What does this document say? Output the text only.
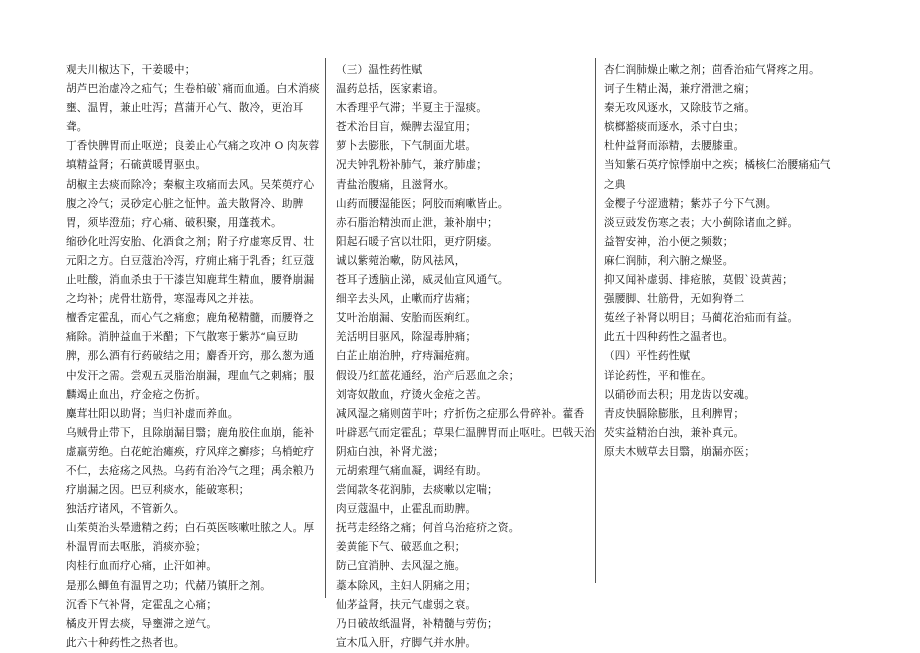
观夫川椒达下，干姜暖中；
胡芦巴治虚冷之疝气；生卷柏破`痛而血通。白术消痰
壅、温胃，兼止吐泻；菖蒲开心气、散冷，更治耳
聋。
丁香快脾胃而止呕逆；良姜止心气痛之攻冲 O 肉灰蓉
填精益肾；石硫黄暖胃驱虫。
胡椒主去痰而除冷；秦椒主攻痛而去风。吴茱萸疗心
腹之冷气；灵砂定心脏之怔忡。盖夫散肾冷、助脾
胃，须毕澄茄；疗心痛、破积聚，用蓬莪术。
缩砂化吐泻安胎、化酒食之剂；附子疗虚寒反胃、壮
元阳之方。白豆蔻治冷泻，疗痈止痛于乳香；红豆蔻
止吐酸，消血杀虫于干漆岂知鹿茸生精血，腰脊崩漏
之均补；虎骨壮筋骨，寒湿毒风之并祛。
檀香定霍乱，而心气之痛愈；鹿角秘精髓，而腰脊之
痛除。消肿益血于米醋；下气散寒于紫苏“扁豆助
脾，那么酒有行药破结之用；麝香开窍，那么葱为通
中发汗之需。尝观五灵脂治崩漏，理血气之刺痛；服
麟竭止血出，疗金疮之伤折。
麋茸壮阳以助肾；当归补虚而养血。
乌贼骨止带下，且除崩漏目翳；鹿角胶住血崩，能补
虚羸劳绝。白花蛇治瘫痪，疗风痒之癣疹；乌梢蛇疗
不仁，去疮疡之风热。乌药有治冷气之理；禹余粮乃
疗崩漏之因。巴豆利痰水，能破寒积；
独活疗诸风，不管新久。
山茱萸治头晕遗精之药；白石英医咳嗽吐脓之人。厚
朴温胃而去呕胀，消痰亦验；
肉桂行血而疗心痛，止汗如神。
是那么鲫鱼有温胃之功；代赭乃镇肝之剂。
沉香下气补肾，定霍乱之心痛；
橘皮开胃去痰，导壅滞之逆气。
此六十种药性之热者也。
（三）温性药性赋
温药总括，医家素谙。
木香理乎气滞；半夏主于湿痰。
苍术治目盲，燥脾去湿宜用；
萝卜去膨胀，下气制面尤堪。
况夫钟乳粉补肺气，兼疗肺虚；
青盐治腹痛，且滋肾水。
山药而腰湿能医；阿胶而痢嗽皆止。
赤石脂治精浊而止泄，兼补崩中；
阳起石暖子宫以壮阳，更疗阴痿。
诚以紫菀治嗽，防风祛风，
苍耳子透脑止涕，威灵仙宣风通气。
细辛去头风，止嗽而疗齿痛；
艾叶治崩漏、安胎而医痢红。
羌活明目驱风，除湿毒肿痛；
白芷止崩治肿，疗痔漏疮痈。
假设乃红蓝花通经，治产后恶血之余；
刘寄奴散血，疗烫火金疮之苦。
减风湿之痛则茵芋叶；疗折伤之症那么骨碎补。藿香
叶辟恶气而定霍乱；草果仁温脾胃而止呕吐。巴戟天治
阴疝白浊，补肾尤滋；
元胡索理气痛血凝，调经有助。
尝闻款冬花润肺，去痰嗽以定喘；
肉豆蔻温中，止霍乱而助脾。
抚芎走经络之痛；何首乌治疮疥之资。
姜黄能下气、破恶血之积；
防己宜消肿、去风湿之施。
藁本除风，主妇人阴痛之用；
仙茅益肾，扶元气虚弱之衰。
乃日破故纸温肾，补精髓与劳伤；
宣木瓜入肝，疗脚气并水肿。
杏仁润肺燥止嗽之剂；茴香治疝气肾疼之用。
诃子生精止渴，兼疗滑泄之痫；
秦无攻风逐水，又除肢节之痛。
槟榔豁痰而逐水，杀寸白虫；
杜仲益肾而添精，去腰膝重。
当知紫石英疗惊悸崩中之疾；橘核仁治腰痛疝气
之典
金樱子兮涩遗精；紫苏子兮下气测。
淡豆豉发伤寒之表；大小蓟除诸血之鲜。
益智安神，治小便之频数；
麻仁润肺，利六腑之燥竖。
抑又闻补虚弱、排疮脓，莫假`设黄茜；
强腰脚、壮筋骨，无如狗脊二
菟丝子补肾以明目；马蔺花治疝而有益。
此五十四种药性之温者也。
（四）平性药性赋
详论药性，平和惟在。
以硝砂而去积；用龙齿以安魂。
青皮快膈除膨胀，且利脾胃；
芡实益精治白浊，兼补真元。
原夫木贼草去目翳，崩漏亦医；
